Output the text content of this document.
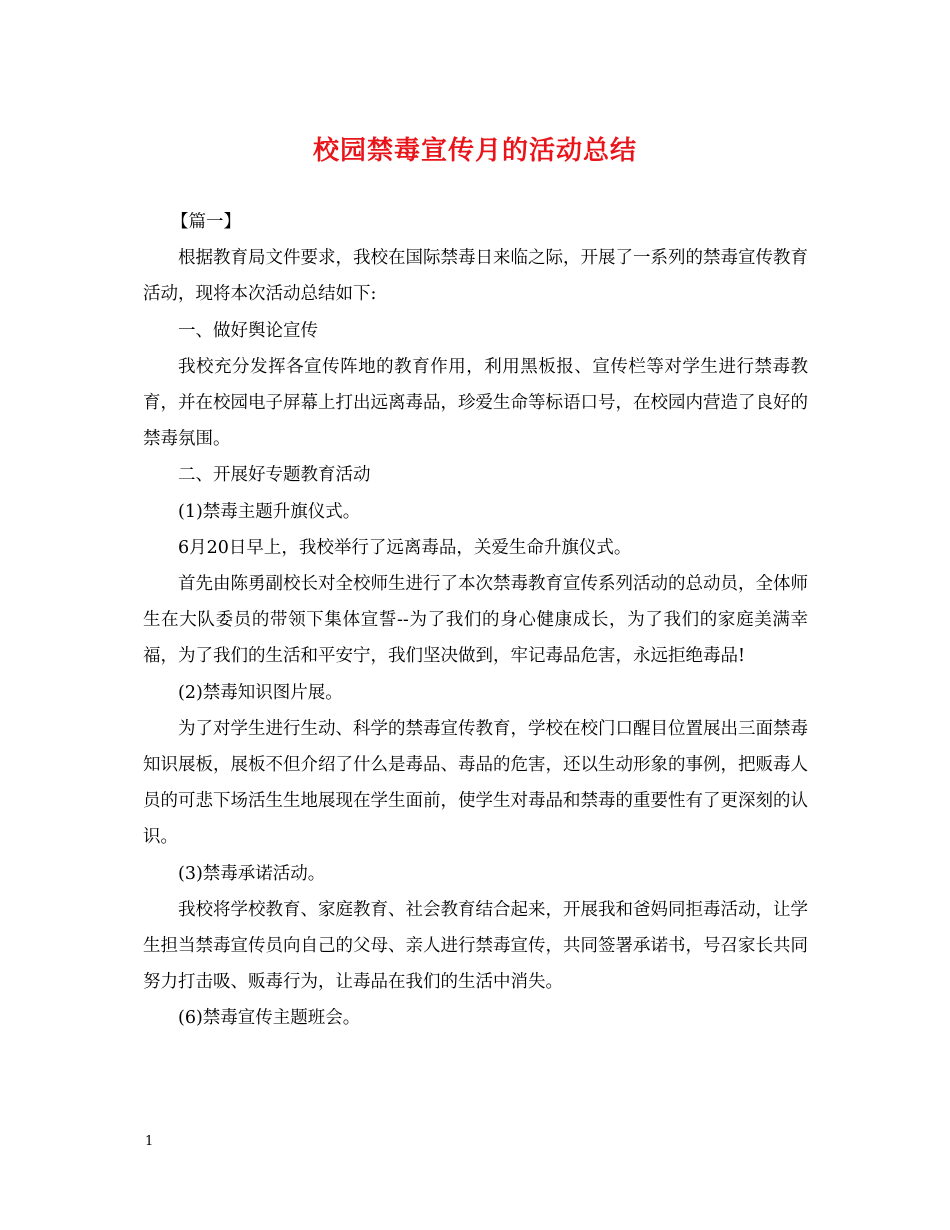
校园禁毒宣传月的活动总结

【篇一】

根据教育局文件要求，我校在国际禁毒日来临之际，开展了一系列的禁毒宣传教育活动，现将本次活动总结如下:

一、做好舆论宣传

我校充分发挥各宣传阵地的教育作用，利用黑板报、宣传栏等对学生进行禁毒教育，并在校园电子屏幕上打出远离毒品，珍爱生命等标语口号，在校园内营造了良好的禁毒氛围。

二、开展好专题教育活动

(1)禁毒主题升旗仪式。

6月20日早上，我校举行了远离毒品，关爱生命升旗仪式。

首先由陈勇副校长对全校师生进行了本次禁毒教育宣传系列活动的总动员，全体师生在大队委员的带领下集体宣誓--为了我们的身心健康成长，为了我们的家庭美满幸福，为了我们的生活和平安宁，我们坚决做到，牢记毒品危害，永远拒绝毒品!

(2)禁毒知识图片展。

为了对学生进行生动、科学的禁毒宣传教育，学校在校门口醒目位置展出三面禁毒知识展板，展板不但介绍了什么是毒品、毒品的危害，还以生动形象的事例，把贩毒人员的可悲下场活生生地展现在学生面前，使学生对毒品和禁毒的重要性有了更深刻的认识。

(3)禁毒承诺活动。

我校将学校教育、家庭教育、社会教育结合起来，开展我和爸妈同拒毒活动，让学生担当禁毒宣传员向自己的父母、亲人进行禁毒宣传，共同签署承诺书，号召家长共同努力打击吸、贩毒行为，让毒品在我们的生活中消失。

(6)禁毒宣传主题班会。

1
